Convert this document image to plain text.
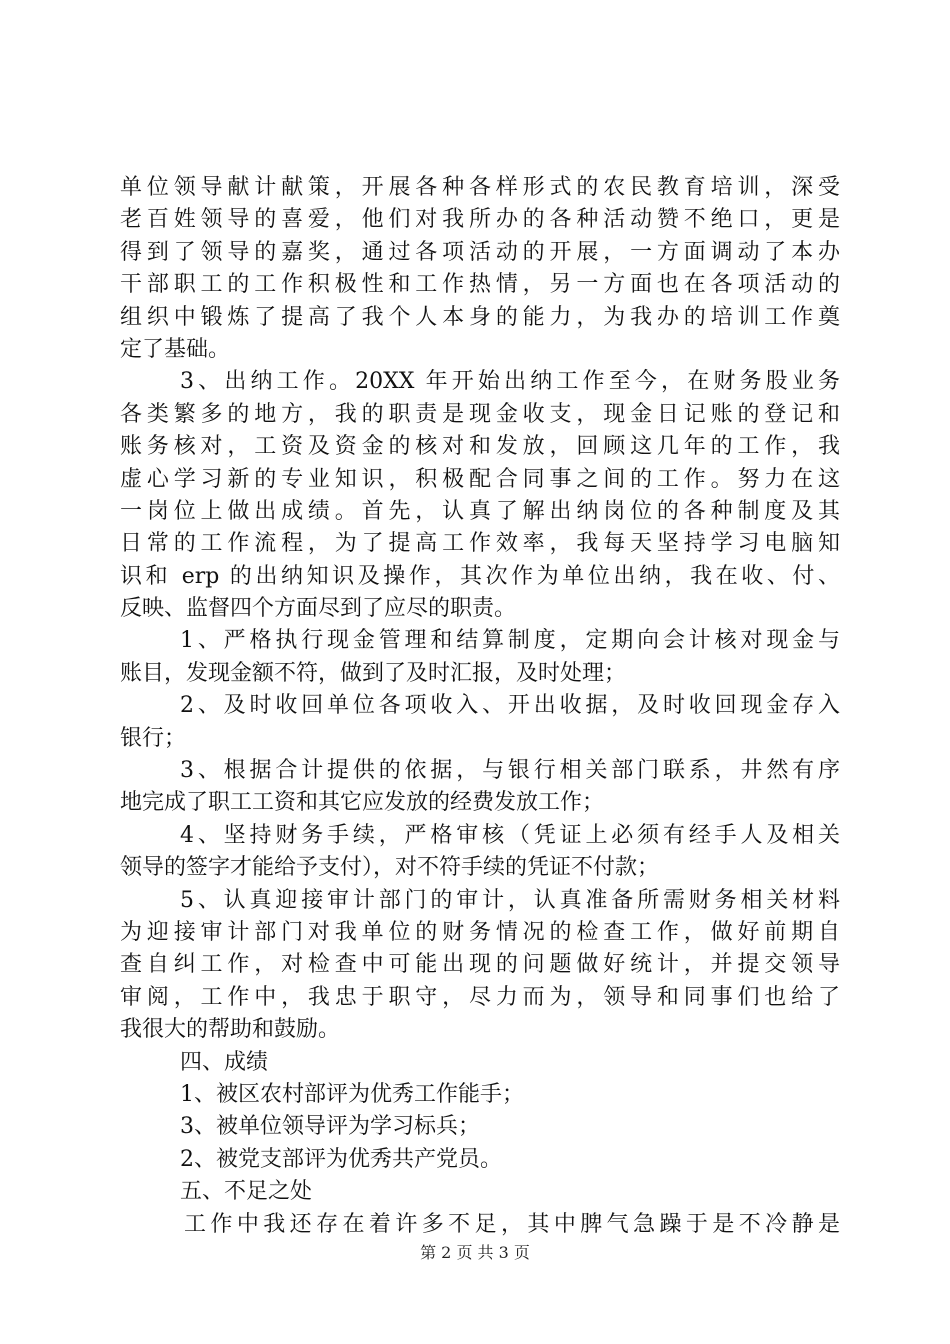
单位领导献计献策，开展各种各样形式的农民教育培训，深受
老百姓领导的喜爱，他们对我所办的各种活动赞不绝口，更是
得到了领导的嘉奖，通过各项活动的开展，一方面调动了本办
干部职工的工作积极性和工作热情，另一方面也在各项活动的
组织中锻炼了提高了我个人本身的能力，为我办的培训工作奠
定了基础。
3、出纳工作。20XX 年开始出纳工作至今，在财务股业务
各类繁多的地方，我的职责是现金收支，现金日记账的登记和
账务核对，工资及资金的核对和发放，回顾这几年的工作，我
虚心学习新的专业知识，积极配合同事之间的工作。努力在这
一岗位上做出成绩。首先，认真了解出纳岗位的各种制度及其
日常的工作流程，为了提高工作效率，我每天坚持学习电脑知
识和 erp 的出纳知识及操作，其次作为单位出纳，我在收、付、
反映、监督四个方面尽到了应尽的职责。
1、严格执行现金管理和结算制度，定期向会计核对现金与
账目，发现金额不符，做到了及时汇报，及时处理；
2、及时收回单位各项收入、开出收据，及时收回现金存入
银行；
3、根据合计提供的依据，与银行相关部门联系，井然有序
地完成了职工工资和其它应发放的经费发放工作；
4、坚持财务手续，严格审核（凭证上必须有经手人及相关
领导的签字才能给予支付），对不符手续的凭证不付款；
5、认真迎接审计部门的审计，认真准备所需财务相关材料
为迎接审计部门对我单位的财务情况的检查工作，做好前期自
查自纠工作，对检查中可能出现的问题做好统计，并提交领导
审阅，工作中，我忠于职守，尽力而为，领导和同事们也给了
我很大的帮助和鼓励。
四、成绩
1、被区农村部评为优秀工作能手；
3、被单位领导评为学习标兵；
2、被党支部评为优秀共产党员。
五、不足之处
工作中我还存在着许多不足，其中脾气急躁于是不冷静是
第 2 页 共 3 页
